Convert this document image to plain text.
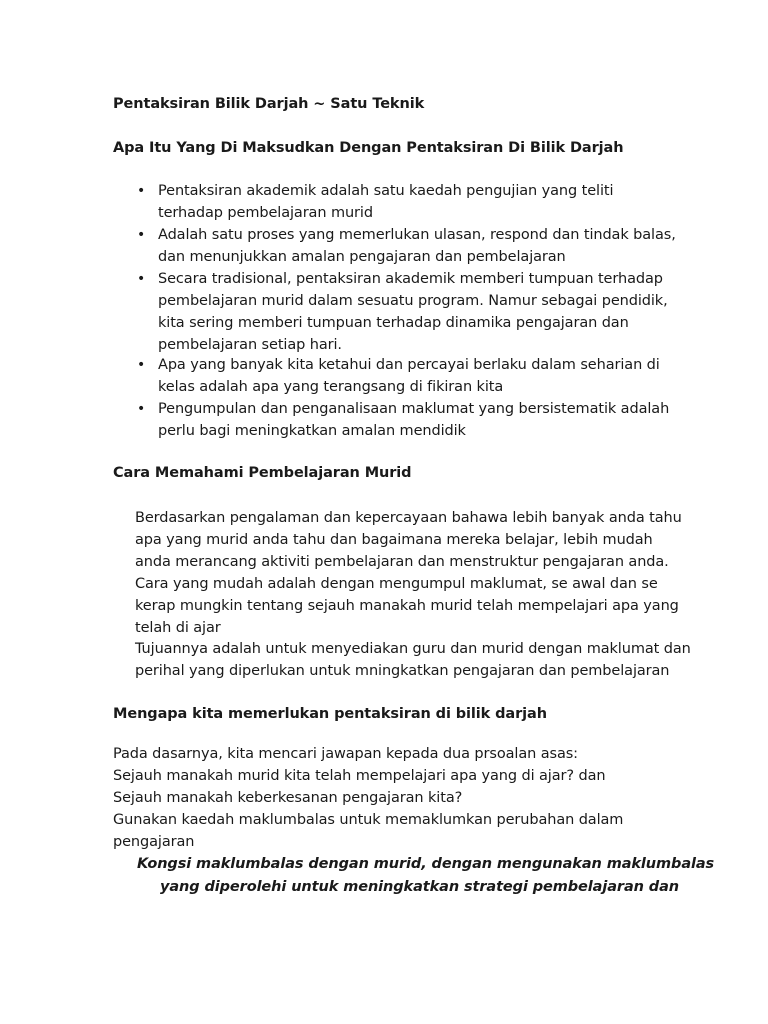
Pentaksiran Bilik Darjah ~ Satu Teknik
Apa Itu Yang Di Maksudkan Dengan Pentaksiran Di Bilik Darjah
• Pentaksiran akademik adalah satu kaedah pengujian yang teliti
terhadap pembelajaran murid
• Adalah satu proses yang memerlukan ulasan, respond dan tindak balas,
dan menunjukkan amalan pengajaran dan pembelajaran
• Secara tradisional, pentaksiran akademik memberi tumpuan terhadap
pembelajaran murid dalam sesuatu program. Namur sebagai pendidik,
kita sering memberi tumpuan terhadap dinamika pengajaran dan
pembelajaran setiap hari.
• Apa yang banyak kita ketahui dan percayai berlaku dalam seharian di
kelas adalah apa yang terangsang di fikiran kita
• Pengumpulan dan penganalisaan maklumat yang bersistematik adalah
perlu bagi meningkatkan amalan mendidik
Cara Memahami Pembelajaran Murid
Berdasarkan pengalaman dan kepercayaan bahawa lebih banyak anda tahu
apa yang murid anda tahu dan bagaimana mereka belajar, lebih mudah
anda merancang aktiviti pembelajaran dan menstruktur pengajaran anda.
Cara yang mudah adalah dengan mengumpul maklumat, se awal dan se
kerap mungkin tentang sejauh manakah murid telah mempelajari apa yang
telah di ajar
Tujuannya adalah untuk menyediakan guru dan murid dengan maklumat dan
perihal yang diperlukan untuk mningkatkan pengajaran dan pembelajaran
Mengapa kita memerlukan pentaksiran di bilik darjah
Pada dasarnya, kita mencari jawapan kepada dua prsoalan asas:
Sejauh manakah murid kita telah mempelajari apa yang di ajar? dan
Sejauh manakah keberkesanan pengajaran kita?
Gunakan kaedah maklumbalas untuk memaklumkan perubahan dalam
pengajaran
Kongsi maklumbalas dengan murid, dengan mengunakan maklumbalas
yang diperolehi untuk meningkatkan strategi pembelajaran dan
